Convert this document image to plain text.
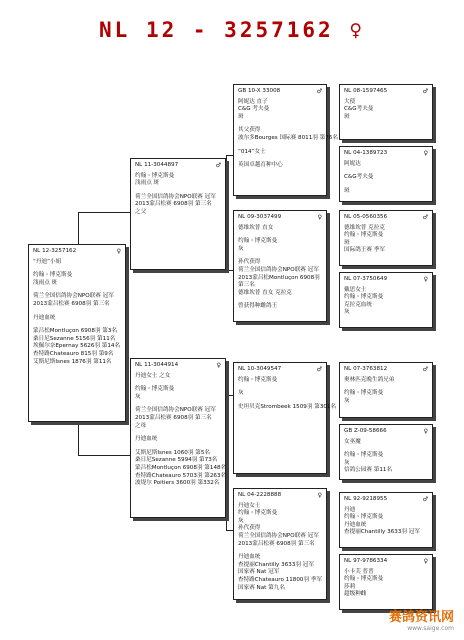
NL 12 - 3257162 ♀
NL 12-3257162	♀
“丹迪”小姐
约翰・博克斯曼
浅雨点 斑
荷兰全国信鸽协会NPO联赛 冠军
2013蒙吕松赛 6908羽 第三名
丹迪血统
蒙吕松Montluçon 6908羽 第3名
桑日尼Sezanne 5156羽 第11名
埃佩尔奈Epernay 5626羽 第14名
查特路Chateauro 815羽 第9名
艾斯尼斯Isnes 1876羽 第11名
NL 11-3044897	♂
约翰・博克斯曼
浅雨点 斑
荷兰全国信鸽协会NPO联赛 冠军
2013蒙吕松赛 6908羽 第三名
之父
NL 11-3044914	♀
丹迪女士 之女
约翰・博克斯曼
灰
荷兰全国信鸽协会NPO联赛 冠军
2013蒙吕松赛 6908羽 第三名
之母
丹迪血统
艾斯尼斯Isnes 1060羽 第5名
桑日尼Sezanne 5994羽 第73名
蒙吕松Montluçon 6908羽 第148名
查特路Chateauro 5703羽 第263名
波堤尔 Poitiers 3600羽 第332名
GB 10-X 33008	♂
阿妮达 直子
C&G 考夫曼
斑
其父获得
波尔多Bourges 国际赛 8011羽 第76名
“014”女士
英国卓越育种中心
NL 09-3037499	♀
德维坎普 直女
约翰・博克斯曼
灰
孙代获得
荷兰全国信鸽协会NPO联赛 冠军
2013蒙吕松Montluçon 6908羽
第三名
德维坎普 直女 克拉克
曾获得种雌鸽王
NL 10-3049547	♂
约翰・博克斯曼
灰
史坦贝克Strombeek 1509羽 第301名
NL 04-2228888	♀
丹迪女士
约翰・博克斯曼
灰
孙代获得
荷兰全国信鸽协会NPO联赛 冠军
2013蒙吕松赛 6908羽 第三名
丹迪血统
查提丽Chantilly 3633羽 冠军
国家赛 Nat 冠军
查特路Chateauro 11800羽 季军
国家赛 Nat 第九名
NL 08-1597465	♂
大使
C&G考夫曼
斑
NL 04-1389723	♀
阿妮达
C&G考夫曼
斑
NL 05-0560356	♂
德维坎普 克拉克
约翰・博克斯曼
斑
国际鸽王赛 季军
NL 07-3750649	♀
戴思女士
约翰・博克斯曼
克拉克血统
灰
NL 07-3763812	♂
奥林匹克晚生鸽兄弟
约翰・博克斯曼
灰
GB Z-09-58666	♀
女巫魔
约翰・博克斯曼
灰
信鸽公园赛 第11名
NL 92-9218955	♂
丹迪
约翰・博克斯曼
丹迪血统
查提丽Chantilly 3633羽 冠军
NL 97-9786334	♀
小卡芙 普普
约翰・博克斯曼
莎莉
超级种雌
赛鸽资讯网
www.saige.com
